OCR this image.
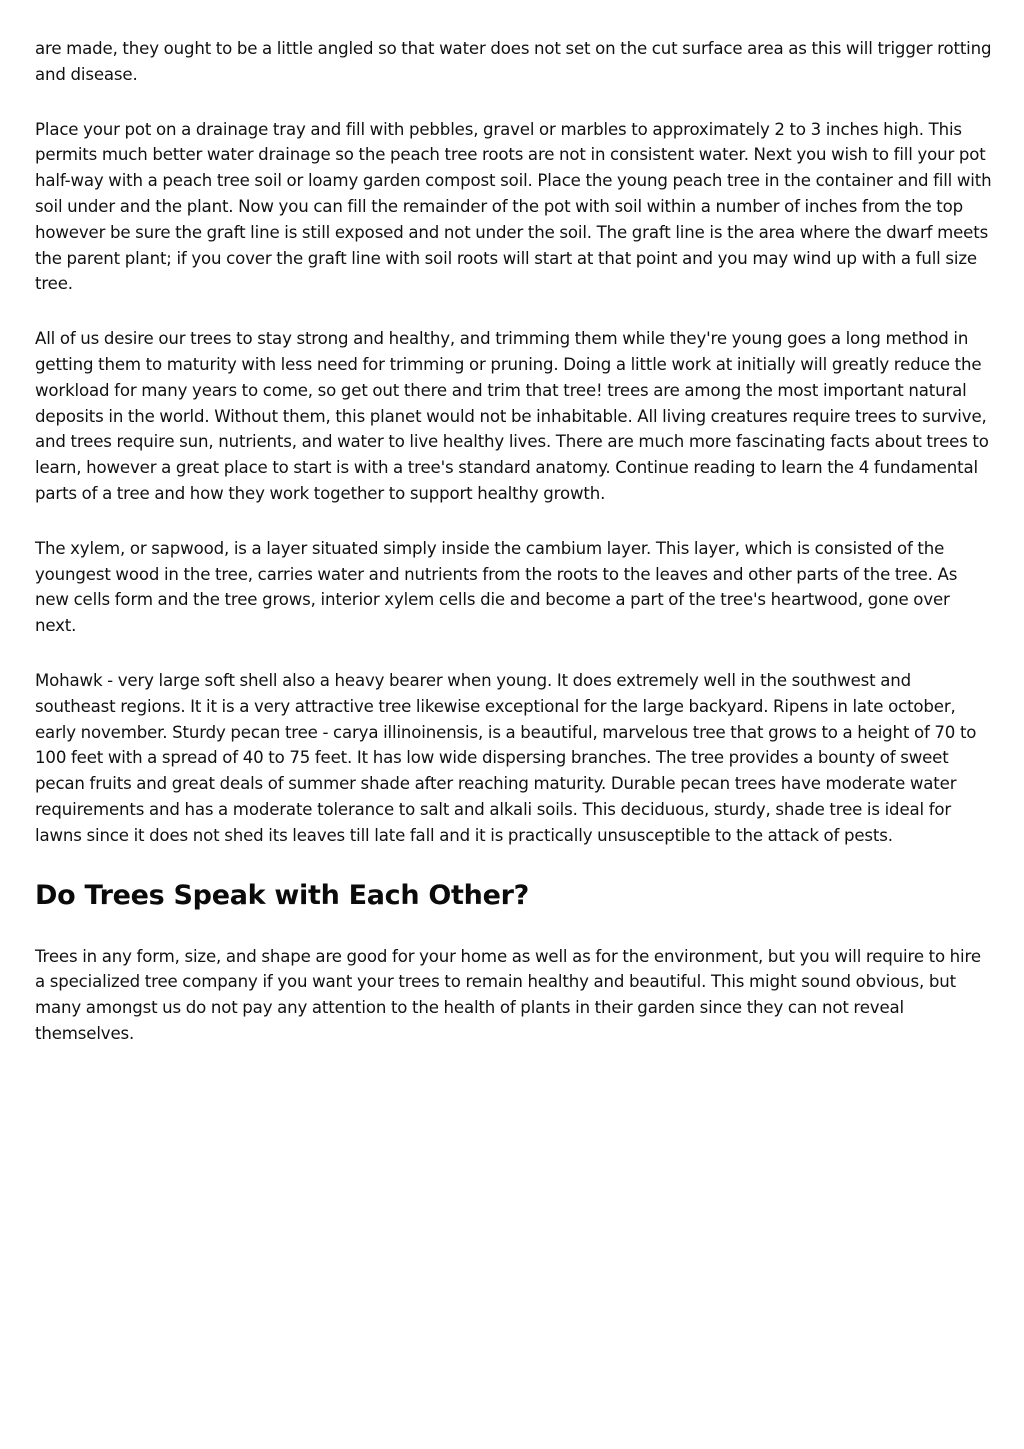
are made, they ought to be a little angled so that water does not set on the cut surface area as this will trigger rotting and disease.

Place your pot on a drainage tray and fill with pebbles, gravel or marbles to approximately 2 to 3 inches high. This permits much better water drainage so the peach tree roots are not in consistent water. Next you wish to fill your pot half-way with a peach tree soil or loamy garden compost soil. Place the young peach tree in the container and fill with soil under and the plant. Now you can fill the remainder of the pot with soil within a number of inches from the top however be sure the graft line is still exposed and not under the soil. The graft line is the area where the dwarf meets the parent plant; if you cover the graft line with soil roots will start at that point and you may wind up with a full size tree.

All of us desire our trees to stay strong and healthy, and trimming them while they're young goes a long method in getting them to maturity with less need for trimming or pruning. Doing a little work at initially will greatly reduce the workload for many years to come, so get out there and trim that tree! trees are among the most important natural deposits in the world. Without them, this planet would not be inhabitable. All living creatures require trees to survive, and trees require sun, nutrients, and water to live healthy lives. There are much more fascinating facts about trees to learn, however a great place to start is with a tree's standard anatomy. Continue reading to learn the 4 fundamental parts of a tree and how they work together to support healthy growth.

The xylem, or sapwood, is a layer situated simply inside the cambium layer. This layer, which is consisted of the youngest wood in the tree, carries water and nutrients from the roots to the leaves and other parts of the tree. As new cells form and the tree grows, interior xylem cells die and become a part of the tree's heartwood, gone over next.

Mohawk - very large soft shell also a heavy bearer when young. It does extremely well in the southwest and southeast regions. It it is a very attractive tree likewise exceptional for the large backyard. Ripens in late october, early november. Sturdy pecan tree - carya illinoinensis, is a beautiful, marvelous tree that grows to a height of 70 to 100 feet with a spread of 40 to 75 feet. It has low wide dispersing branches. The tree provides a bounty of sweet pecan fruits and great deals of summer shade after reaching maturity. Durable pecan trees have moderate water requirements and has a moderate tolerance to salt and alkali soils. This deciduous, sturdy, shade tree is ideal for lawns since it does not shed its leaves till late fall and it is practically unsusceptible to the attack of pests.

Do Trees Speak with Each Other?

Trees in any form, size, and shape are good for your home as well as for the environment, but you will require to hire a specialized tree company if you want your trees to remain healthy and beautiful. This might sound obvious, but many amongst us do not pay any attention to the health of plants in their garden since they can not reveal themselves.
